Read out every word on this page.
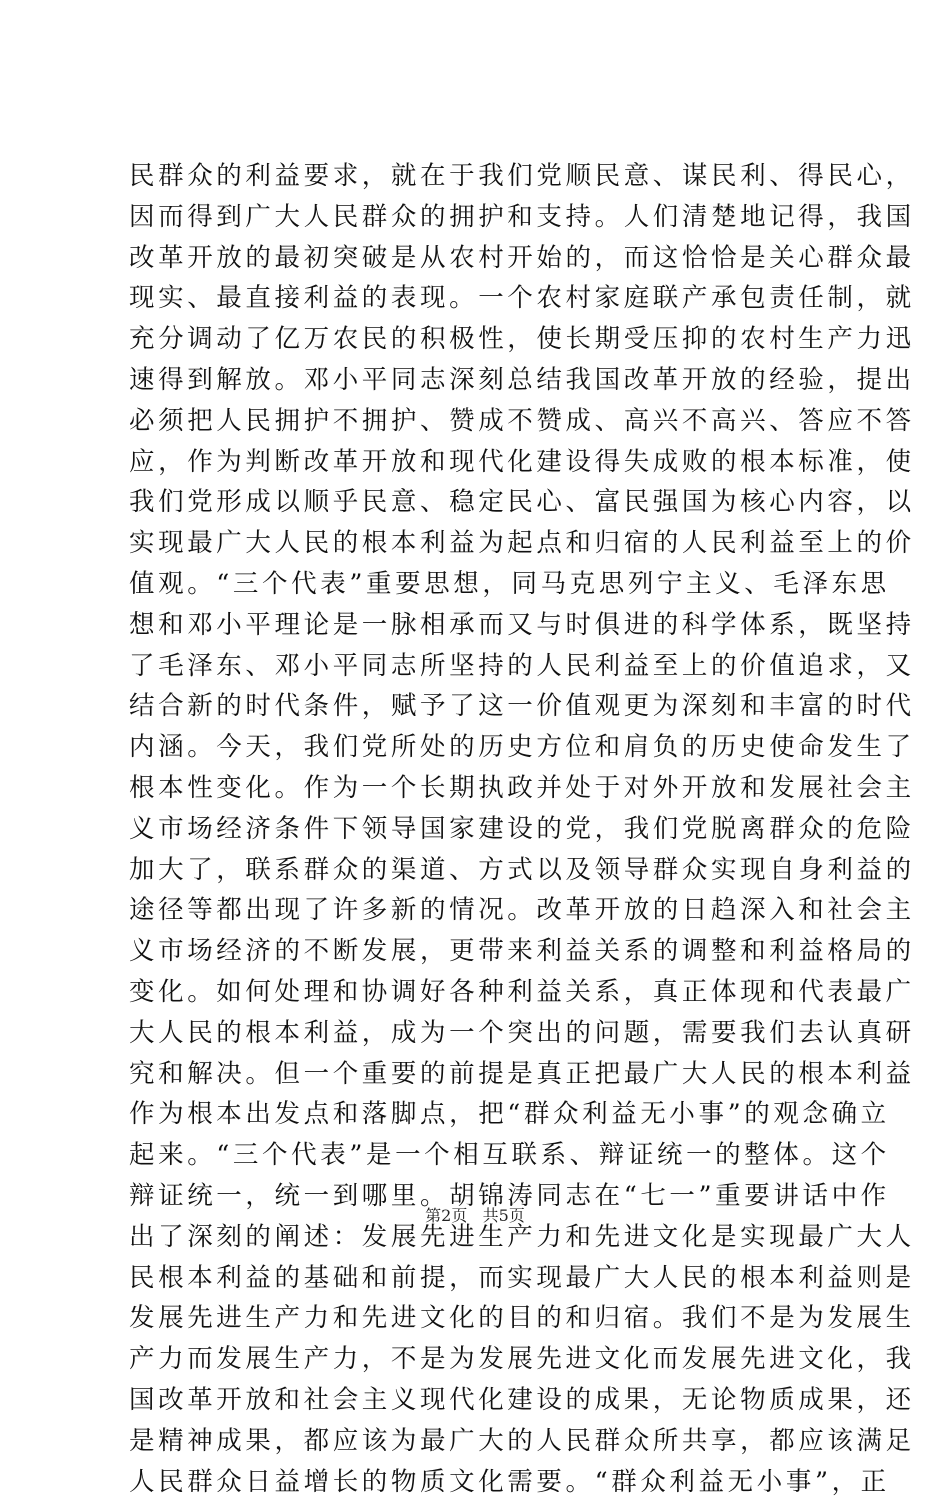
民群众的利益要求，就在于我们党顺民意、谋民利、得民心，
因而得到广大人民群众的拥护和支持。人们清楚地记得，我国
改革开放的最初突破是从农村开始的，而这恰恰是关心群众最
现实、最直接利益的表现。一个农村家庭联产承包责任制，就
充分调动了亿万农民的积极性，使长期受压抑的农村生产力迅
速得到解放。邓小平同志深刻总结我国改革开放的经验，提出
必须把人民拥护不拥护、赞成不赞成、高兴不高兴、答应不答
应，作为判断改革开放和现代化建设得失成败的根本标准，使
我们党形成以顺乎民意、稳定民心、富民强国为核心内容，以
实现最广大人民的根本利益为起点和归宿的人民利益至上的价
值观。“三个代表”重要思想，同马克思列宁主义、毛泽东思
想和邓小平理论是一脉相承而又与时俱进的科学体系，既坚持
了毛泽东、邓小平同志所坚持的人民利益至上的价值追求，又
结合新的时代条件，赋予了这一价值观更为深刻和丰富的时代
内涵。今天，我们党所处的历史方位和肩负的历史使命发生了
根本性变化。作为一个长期执政并处于对外开放和发展社会主
义市场经济条件下领导国家建设的党，我们党脱离群众的危险
加大了，联系群众的渠道、方式以及领导群众实现自身利益的
途径等都出现了许多新的情况。改革开放的日趋深入和社会主
义市场经济的不断发展，更带来利益关系的调整和利益格局的
变化。如何处理和协调好各种利益关系，真正体现和代表最广
大人民的根本利益，成为一个突出的问题，需要我们去认真研
究和解决。但一个重要的前提是真正把最广大人民的根本利益
作为根本出发点和落脚点，把“群众利益无小事”的观念确立
起来。“三个代表”是一个相互联系、辩证统一的整体。这个
辩证统一，统一到哪里。胡锦涛同志在“七一”重要讲话中作
出了深刻的阐述：发展先进生产力和先进文化是实现最广大人
民根本利益的基础和前提，而实现最广大人民的根本利益则是
发展先进生产力和先进文化的目的和归宿。我们不是为发展生
产力而发展生产力，不是为发展先进文化而发展先进文化，我
国改革开放和社会主义现代化建设的成果，无论物质成果，还
是精神成果，都应该为最广大的人民群众所共享，都应该满足
人民群众日益增长的物质文化需要。“群众利益无小事”，正
第2页 共5页
